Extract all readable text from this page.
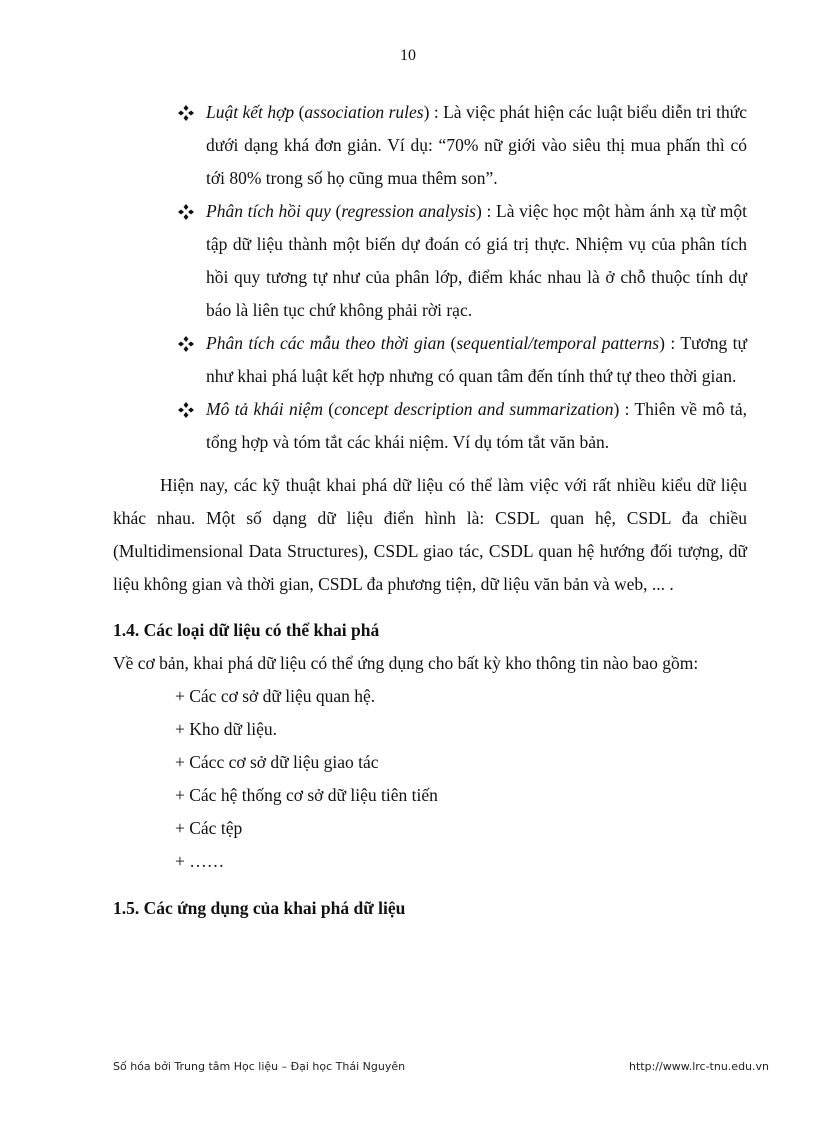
10
Luật kết hợp (association rules) : Là việc phát hiện các luật biểu diễn tri thức dưới dạng khá đơn giản. Ví dụ: “70% nữ giới vào siêu thị mua phấn thì có tới 80% trong số họ cũng mua thêm son”.
Phân tích hồi quy (regression analysis) : Là việc học một hàm ánh xạ từ một tập dữ liệu thành một biến dự đoán có giá trị thực. Nhiệm vụ của phân tích hồi quy tương tự như của phân lớp, điểm khác nhau là ở chỗ thuộc tính dự báo là liên tục chứ không phải rời rạc.
Phân tích các mẫu theo thời gian (sequential/temporal patterns) : Tương tự như khai phá luật kết hợp nhưng có quan tâm đến tính thứ tự theo thời gian.
Mô tả khái niệm (concept description and summarization) : Thiên về mô tả, tổng hợp và tóm tắt các khái niệm. Ví dụ tóm tắt văn bản.

Hiện nay, các kỹ thuật khai phá dữ liệu có thể làm việc với rất nhiều kiểu dữ liệu khác nhau. Một số dạng dữ liệu điển hình là: CSDL quan hệ, CSDL đa chiều (Multidimensional Data Structures), CSDL giao tác, CSDL quan hệ hướng đối tượng, dữ liệu không gian và thời gian, CSDL đa phương tiện, dữ liệu văn bản và web, ... .

1.4. Các loại dữ liệu có thể khai phá

Về cơ bản, khai phá dữ liệu có thể ứng dụng cho bất kỳ kho thông tin nào bao gồm:

+ Các cơ sở dữ liệu quan hệ.
+ Kho dữ liệu.
+ Cácc cơ sở dữ liệu giao tác
+ Các hệ thống cơ sở dữ liệu tiên tiến
+ Các tệp
+ ……
1.5. Các ứng dụng của khai phá dữ liệu
Số hóa bởi Trung tâm Học liệu – Đại học Thái Nguyên	http://www.lrc-tnu.edu.vn
